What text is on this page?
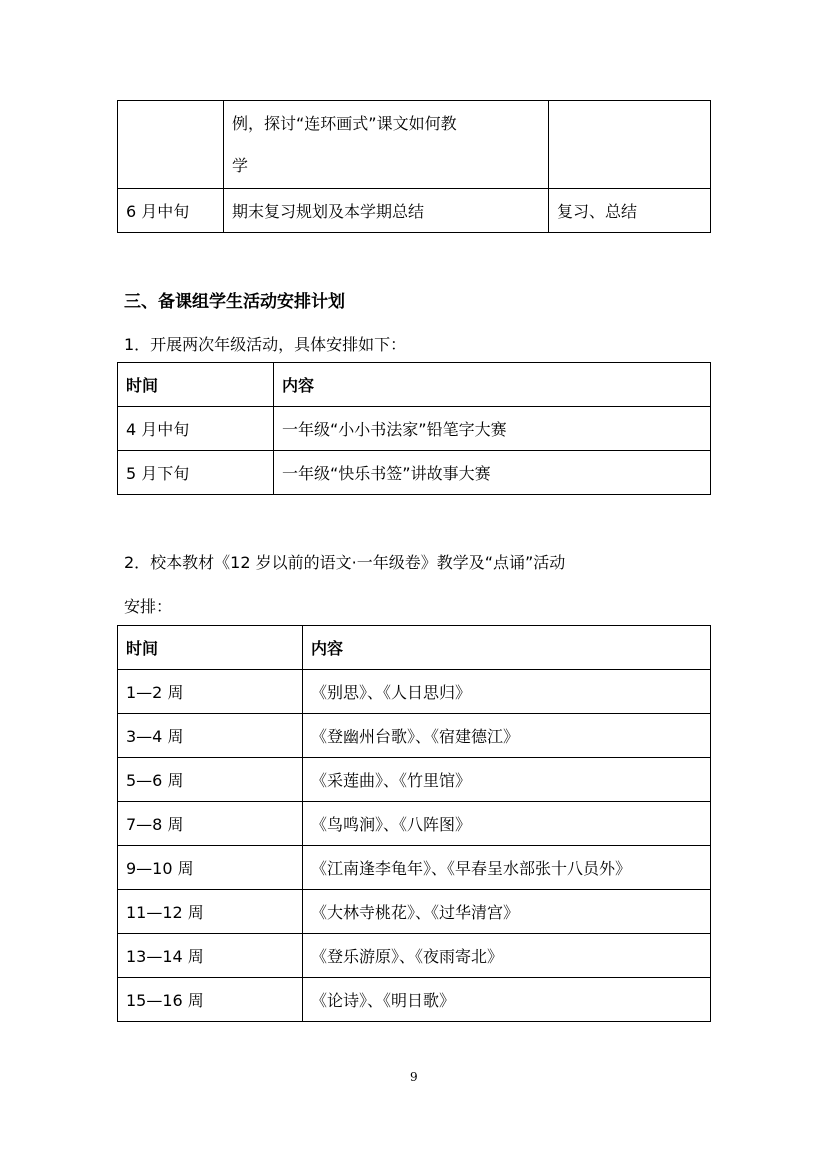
	例，探讨“连环画式”课文如何教
学	

6 月中旬	期末复习规划及本学期总结	复习、总结
三、备课组学生活动安排计划
1．开展两次年级活动，具体安排如下：
时间	内容
4 月中旬	一年级“小小书法家”铅笔字大赛
5 月下旬	一年级“快乐书签”讲故事大赛
2．校本教材《12 岁以前的语文·一年级卷》教学及“点诵”活动
安排：
时间	内容
1—2 周	《别思》、《人日思归》
3—4 周	《登幽州台歌》、《宿建德江》
5—6 周	《采莲曲》、《竹里馆》
7—8 周	《鸟鸣涧》、《八阵图》
9—10 周	《江南逢李龟年》、《早春呈水部张十八员外》
11—12 周	《大林寺桃花》、《过华清宫》
13—14 周	《登乐游原》、《夜雨寄北》
15—16 周	《论诗》、《明日歌》
9
